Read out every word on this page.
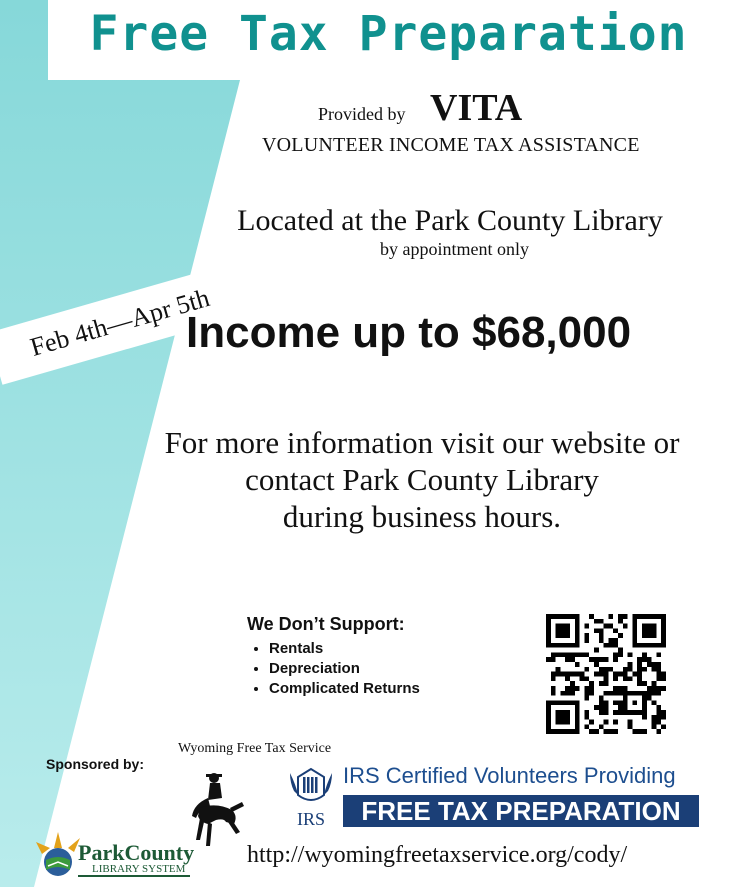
Free Tax Preparation
Provided by VITA
VOLUNTEER INCOME TAX ASSISTANCE
Located at the Park County Library
by appointment only
Feb 4th—Apr 5th
Income up to $68,000
For more information visit our website or
contact Park County Library
during business hours.
We Don’t Support:
• Rentals
• Depreciation
• Complicated Returns
Sponsored by:
Wyoming Free Tax Service
IRS
IRS Certified Volunteers Providing
FREE TAX PREPARATION
ParkCounty
LIBRARY SYSTEM
http://wyomingfreetaxservice.org/cody/
